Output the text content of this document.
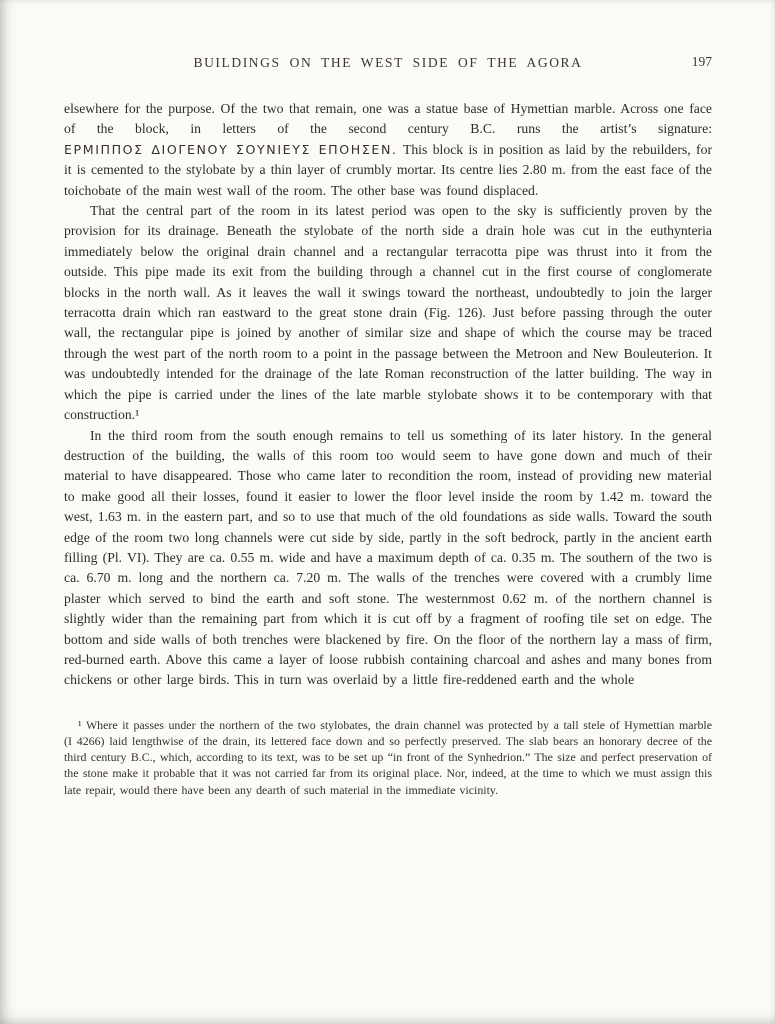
BUILDINGS ON THE WEST SIDE OF THE AGORA	197

elsewhere for the purpose. Of the two that remain, one was a statue base of Hymettian marble. Across one face of the block, in letters of the second century B.C. runs the artist’s signature: ΕΡΜΙΠΠΟΣ ΔΙΟΓΕΝΟΥ ΣΟΥΝΙΕΥΣ ΕΠΟΗΣΕΝ. This block is in position as laid by the rebuilders, for it is cemented to the stylobate by a thin layer of crumbly mortar. Its centre lies 2.80 m. from the east face of the toichobate of the main west wall of the room. The other base was found displaced.

That the central part of the room in its latest period was open to the sky is sufficiently proven by the provision for its drainage. Beneath the stylobate of the north side a drain hole was cut in the euthynteria immediately below the original drain channel and a rectangular terracotta pipe was thrust into it from the outside. This pipe made its exit from the building through a channel cut in the first course of conglomerate blocks in the north wall. As it leaves the wall it swings toward the northeast, undoubtedly to join the larger terracotta drain which ran eastward to the great stone drain (Fig. 126). Just before passing through the outer wall, the rectangular pipe is joined by another of similar size and shape of which the course may be traced through the west part of the north room to a point in the passage between the Metroon and New Bouleuterion. It was undoubtedly intended for the drainage of the late Roman reconstruction of the latter building. The way in which the pipe is carried under the lines of the late marble stylobate shows it to be contemporary with that construction.¹

In the third room from the south enough remains to tell us something of its later history. In the general destruction of the building, the walls of this room too would seem to have gone down and much of their material to have disappeared. Those who came later to recondition the room, instead of providing new material to make good all their losses, found it easier to lower the floor level inside the room by 1.42 m. toward the west, 1.63 m. in the eastern part, and so to use that much of the old foundations as side walls. Toward the south edge of the room two long channels were cut side by side, partly in the soft bedrock, partly in the ancient earth filling (Pl. VI). They are ca. 0.55 m. wide and have a maximum depth of ca. 0.35 m. The southern of the two is ca. 6.70 m. long and the northern ca. 7.20 m. The walls of the trenches were covered with a crumbly lime plaster which served to bind the earth and soft stone. The westernmost 0.62 m. of the northern channel is slightly wider than the remaining part from which it is cut off by a fragment of roofing tile set on edge. The bottom and side walls of both trenches were blackened by fire. On the floor of the northern lay a mass of firm, red-burned earth. Above this came a layer of loose rubbish containing charcoal and ashes and many bones from chickens or other large birds. This in turn was overlaid by a little fire-reddened earth and the whole

¹ Where it passes under the northern of the two stylobates, the drain channel was protected by a tall stele of Hymettian marble (I 4266) laid lengthwise of the drain, its lettered face down and so perfectly preserved. The slab bears an honorary decree of the third century B.C., which, according to its text, was to be set up “in front of the Synhedrion.” The size and perfect preservation of the stone make it probable that it was not carried far from its original place. Nor, indeed, at the time to which we must assign this late repair, would there have been any dearth of such material in the immediate vicinity.
